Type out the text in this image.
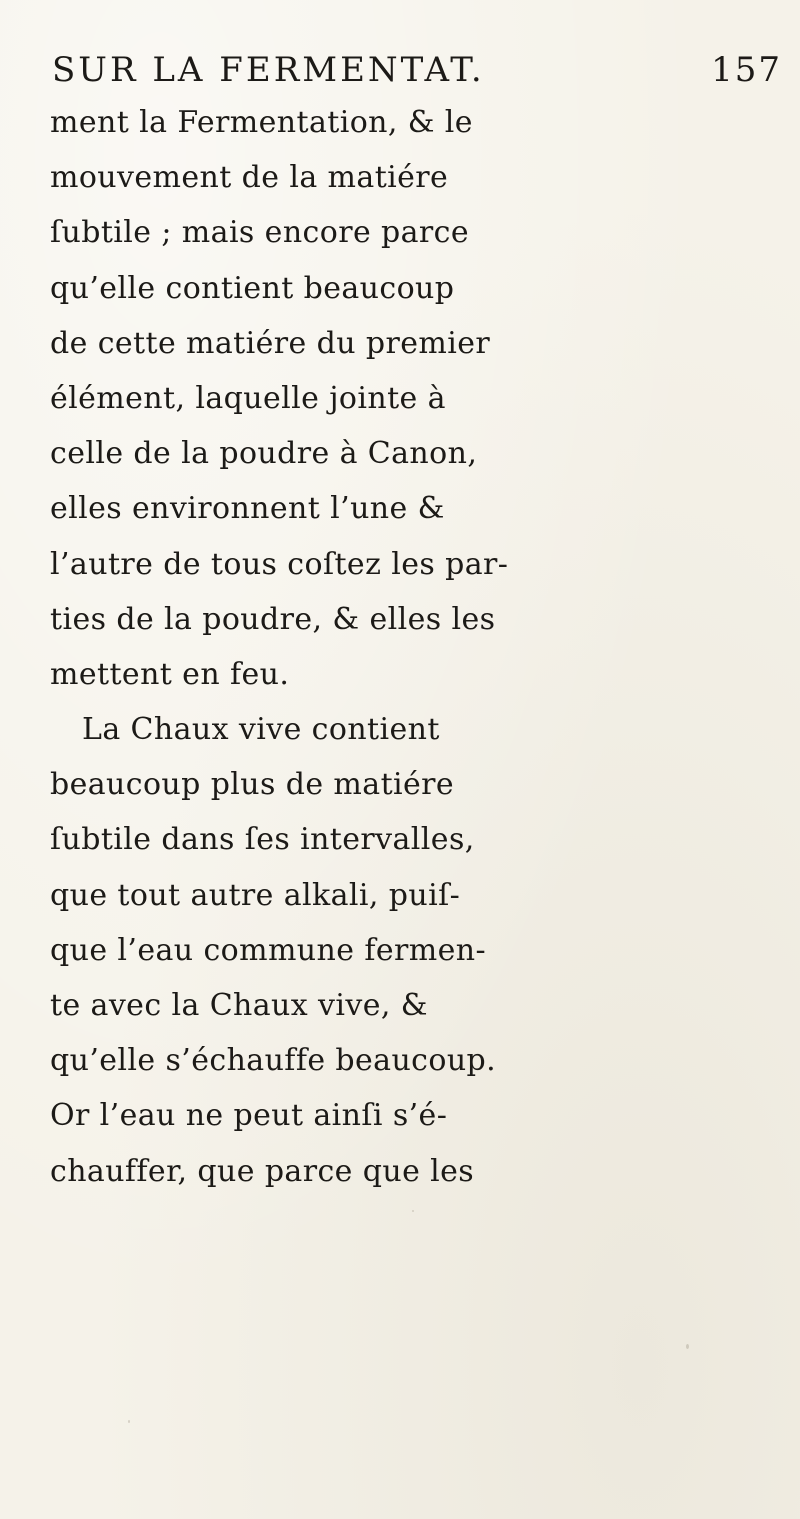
SUR LA FERMENTAT.	157
ment la Fermentation, & le
mouvement de la matiére
ſubtile ; mais encore parce
qu’elle contient beaucoup
de cette matiére du premier
élément, laquelle jointe à
celle de la poudre à Canon,
elles environnent l’une &
l’autre de tous coſtez les par-
ties de la poudre, & elles les
mettent en feu.
La Chaux vive contient
beaucoup plus de matiére
ſubtile dans ſes intervalles,
que tout autre alkali, puiſ-
que l’eau commune fermen-
te avec la Chaux vive, &
qu’elle s’échauffe beaucoup.
Or l’eau ne peut ainſi s’é-
chauffer, que parce que les
